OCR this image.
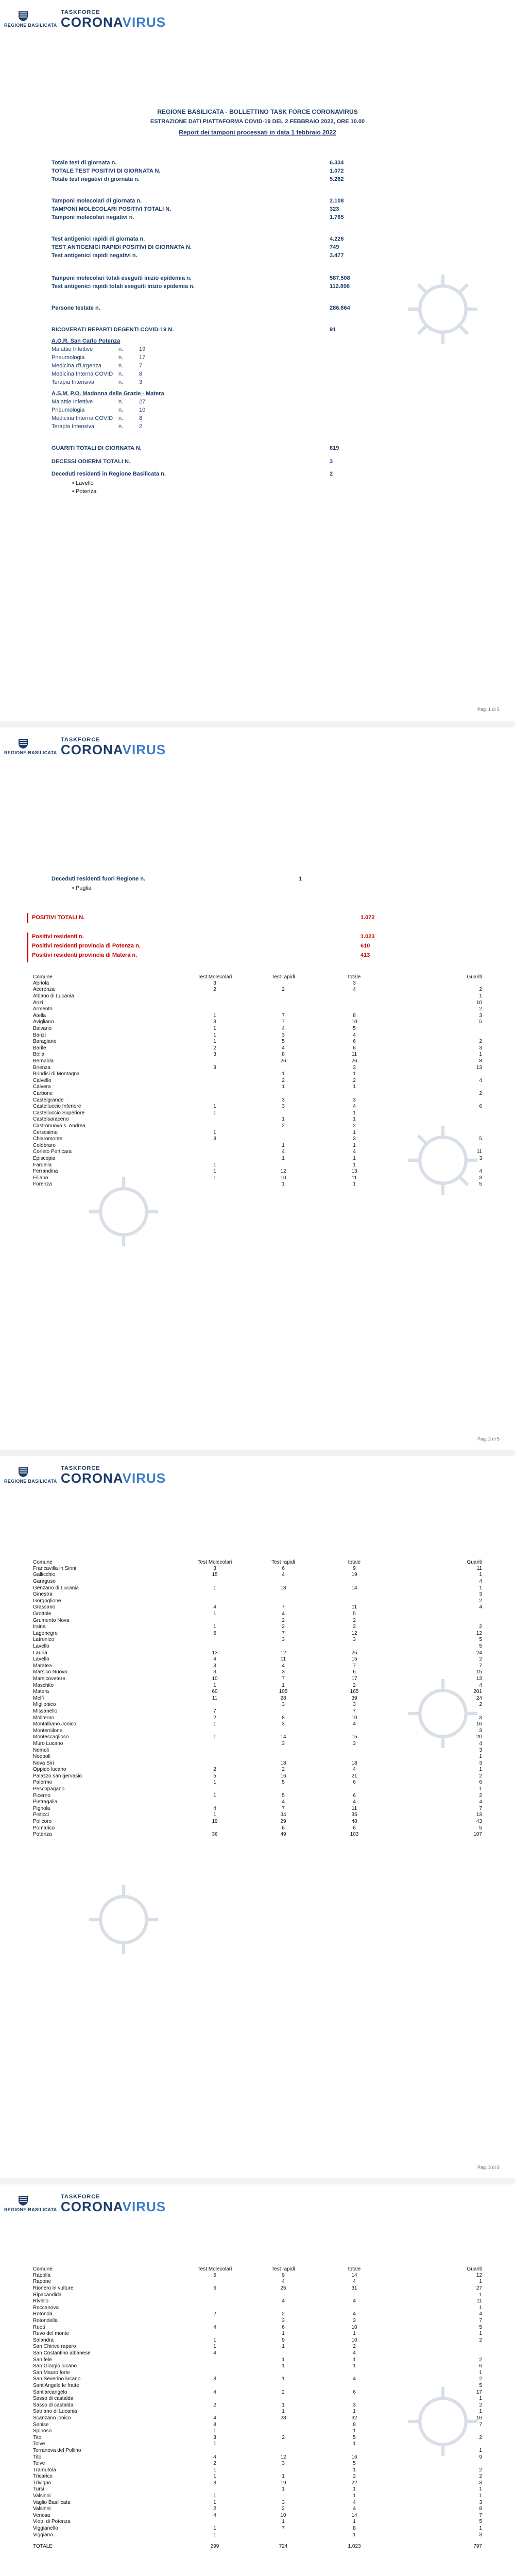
REGIONE BASILICATA
TASKFORCE
CORONAVIRUS
REGIONE BASILICATA - BOLLETTINO TASK FORCE CORONAVIRUS
ESTRAZIONE DATI PIATTAFORMA COVID-19 DEL 2 FEBBRAIO 2022, ORE 10.00
Report dei tamponi processati in data 1 febbraio 2022
Totale test di giornata n.	6.334
TOTALE TEST POSITIVI DI GIORNATA N.	1.072
Totale test negativi di giornata n.	5.262
Tamponi molecolari di giornata n.	2.108
TAMPONI MOLECOLARI POSITIVI TOTALI N.	323
Tamponi molecolari negativi n.	1.785
Test antigenici rapidi di giornata n.	4.226
TEST ANTIGENICI RAPIDI POSITIVI DI GIORNATA N.	749
Test antigenici rapidi negativi n.	3.477
Tamponi molecolari totali eseguiti inizio epidemia n.	587.508
Test antigenici rapidi totali eseguiti inizio epidemia n.	112.896
Persone testate n.	286.864
RICOVERATI REPARTI DEGENTI COVID-19 N.	91
A.O.R. San Carlo Potenza
Malattie Infettive	n.	19
Pneumologia	n.	17
Medicina d'Urgenza	n.	7
Medicina Interna COVID n.	8
Terapia Intensiva	n.	3
A.S.M. P.O. Madonna delle Grazie - Matera
Malattie Infettive	n.	27
Pneumologia	n.	10
Medicina Interna COVID n.	8
Terapia Intensiva	n.	2
GUARITI TOTALI DI GIORNATA N.	819
DECESSI ODIERNI TOTALI N.	3
Deceduti residenti in Regione Basilicata n.	2
• Lavello
• Potenza
Pag. 1 di 5
REGIONE BASILICATA
TASKFORCE
CORONAVIRUS
Deceduti residenti fuori Regione n.	1
• Puglia
POSITIVI TOTALI N.	1.072
Positivi residenti n.	1.023
Positivi residenti provincia di Potenza n.	610
Positivi residenti provincia di Matera n.	413
Comune	Test Molecolari	Test rapidi	totale	Guariti
Abriola	3		3	
Acerenza	2	2	4	2
Albano di Lucania				1
Anzi				10
Armento				2
Atella	1	7	8	3
Avigliano	3	7	10	5
Balvano	1	4	5	
Banzi	1	3	4	
Baragiano	1	5	6	2
Barile	2	4	6	3
Bella	3	8	11	1
Bernalda		26	26	8
Brienza	3		3	13
Brindisi di Montagna		1	1	
Calvello		2	2	4
Calvera		1	1	
Carbone				2
Castelgrande		3	3	
Castelluccio Inferiore	1	3	4	6
Castelluccio Superiore	1		1	
Castelsaraceno		1	1	
Castronuovo s. Andrea		2	2	
Cersosimo	1		1	
Chiaromonte	3		3	5
Colobraro		1	1	
Corleto Perticara		4	4	11
Episcopia		1	1	3
Fardella	1		1	
Ferrandina	1	12	13	4
Filiano	1	10	11	3
Forenza		1	1	5
Pag. 2 di 5
REGIONE BASILICATA
TASKFORCE
CORONAVIRUS
Comune	Test Molecolari	Test rapidi	totale	Guariti
Francavilla in Sinni	3	6	9	11
Gallicchio	15	4	19	1
Garaguso				4
Genzano di Lucania	1	13	14	1
Ginestra				3
Gorgoglione				2
Grassano	4	7	11	4
Grottole	1	4	5	
Grumento Nova		2	2	
Irsina	1	2	3	2
Lagonegro	5	7	12	12
Latronico		3	3	5
Lavello				5
Lauria	13	12	25	24
Lavello	4	11	15	2
Maratea	3	4	7	7
Marsico Nuovo	3	3	6	15
Marsicovetere	10	7	17	13
Maschito	1	1	2	4
Matera	60	105	165	201
Melfi	11	28	39	24
Miglionico		3	3	2
Missanello	7		7	
Moliterno	2	8	10	3
Montalbano Jonico	1	3	4	16
Montemilone				3
Montescaglioso	1	14	15	20
Muro Lucano		3	3	4
Nemoli				3
Noepoli				1
Nova Siri		18	18	3
Oppido lucano	2	2	4	1
Palazzo san gervasio	5	16	21	2
Palermo	1	5	6	6
Pescopagano				1
Picerno	1	5	6	2
Pietragalla		4	4	4
Pignola	4	7	11	7
Pisticci	1	34	35	13
Policoro	19	29	48	43
Pomarico		6	6	5
Potenza	36	49	103	107
Pag. 3 di 5
REGIONE BASILICATA
TASKFORCE
CORONAVIRUS
Comune	Test Molecolari	Test rapidi	totale	Guariti
Rapolla	5	9	14	12
Rapone		4	4	1
Rionero in vulture	6	25	31	27
Ripacandida				1
Rivello		4	4	11
Roccanova				1
Rotonda	2	2	4	4
Rotondella		3	3	7
Ruoti	4	6	10	5
Ruvo del monte		1	1	1
Salandra	1	9	10	2
San Chirico raparo	1	1	2	
San Costantino albanese	4		4	
San fele		1	1	2
San Giorgio lucano		1	1	6
San Mauro forte				1
San Severino lucano	3	1	4	2
Sant'Angelo le fratte				5
Sant'arcangelo	4	2	6	17
Sasso di castalda				1
Sasso di castalda	2	1	3	2
Satriano di Lucania		1	1	1
Scanzano jonico	4	28	32	16
Senise	8		8	7
Spinoso	1		1	
Tito	3	2	5	2
Tolve	1		1	
Terranova del Pollino				1
Tito	4	12	16	9
Tolve	2	3	5	
Tramutola	1		1	2
Tricarico	1	1	2	2
Trivigno	3	19	22	3
Tursi		1	1	1
Valsinni	1		1	1
Vaglio Basilicata	1	3	4	3
Valsinni	2	2	4	8
Venosa	4	10	14	7
Vietri di Potenza		1	1	5
Viggianello	1	7	8	1
Viggiano	1		1	3
TOTALE	299	724	1.023	797
